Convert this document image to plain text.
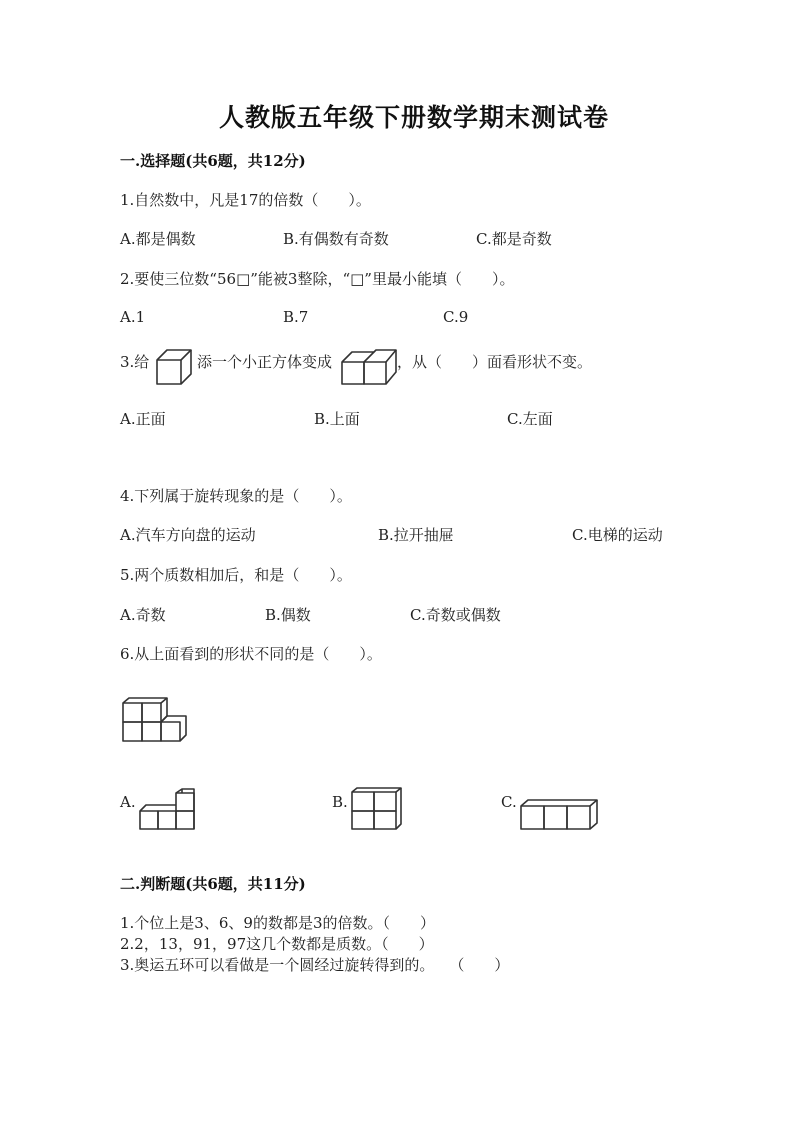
人教版五年级下册数学期末测试卷
一.选择题(共6题，共12分)
1.自然数中，凡是17的倍数（　　）。
A.都是偶数	B.有偶数有奇数	C.都是奇数
2.要使三位数“56□”能被3整除，“□”里最小能填（　　）。
A.1	B.7	C.9
3.给	添一个小正方体变成	，从（　　）面看形状不变。
A.正面	B.上面	C.左面
4.下列属于旋转现象的是（　　）。
A.汽车方向盘的运动	B.拉开抽屉	C.电梯的运动
5.两个质数相加后，和是（　　）。
A.奇数	B.偶数	C.奇数或偶数
6.从上面看到的形状不同的是（　　）。
A.	B.	C.
二.判断题(共6题，共11分)
1.个位上是3、6、9的数都是3的倍数。（　　）
2.2，13，91，97这几个数都是质数。（　　）
3.奥运五环可以看做是一个圆经过旋转得到的。　　（　　）
